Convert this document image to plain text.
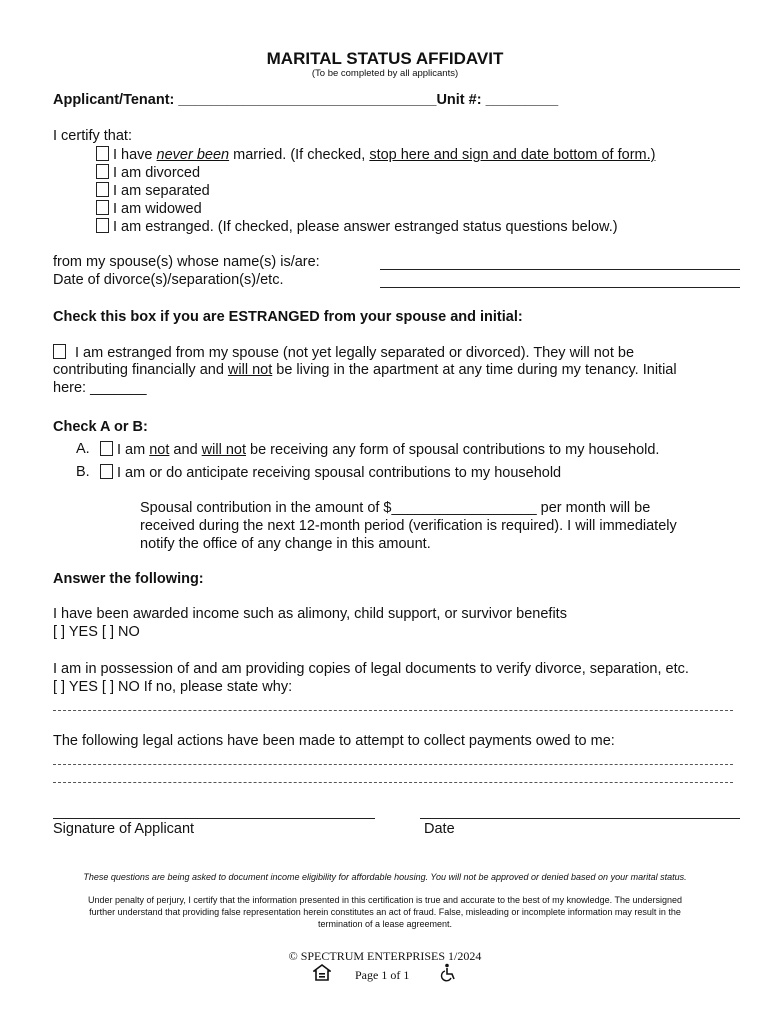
MARITAL STATUS AFFIDAVIT
(To be completed by all applicants)
Applicant/Tenant: ________________________________Unit #: _________
I certify that:
I have never been married. (If checked, stop here and sign and date bottom of form.)
I am divorced
I am separated
I am widowed
I am estranged. (If checked, please answer estranged status questions below.)
from my spouse(s) whose name(s) is/are:
Date of divorce(s)/separation(s)/etc.
Check this box if you are ESTRANGED from your spouse and initial:
I am estranged from my spouse (not yet legally separated or divorced). They will not be
contributing financially and will not be living in the apartment at any time during my tenancy. Initial
here: _______
Check A or B:
A.	I am not and will not be receiving any form of spousal contributions to my household.
B.	I am or do anticipate receiving spousal contributions to my household
Spousal contribution in the amount of $__________________ per month will be
received during the next 12-month period (verification is required). I will immediately
notify the office of any change in this amount.
Answer the following:
I have been awarded income such as alimony, child support, or survivor benefits
[ ] YES [ ] NO
I am in possession of and am providing copies of legal documents to verify divorce, separation, etc.
[ ] YES [ ] NO If no, please state why:
The following legal actions have been made to attempt to collect payments owed to me:
Signature of Applicant	Date
These questions are being asked to document income eligibility for affordable housing. You will not be approved or denied based on your marital status.
Under penalty of perjury, I certify that the information presented in this certification is true and accurate to the best of my knowledge. The undersigned
further understand that providing false representation herein constitutes an act of fraud. False, misleading or incomplete information may result in the
termination of a lease agreement.
© SPECTRUM ENTERPRISES 1/2024
Page 1 of 1
